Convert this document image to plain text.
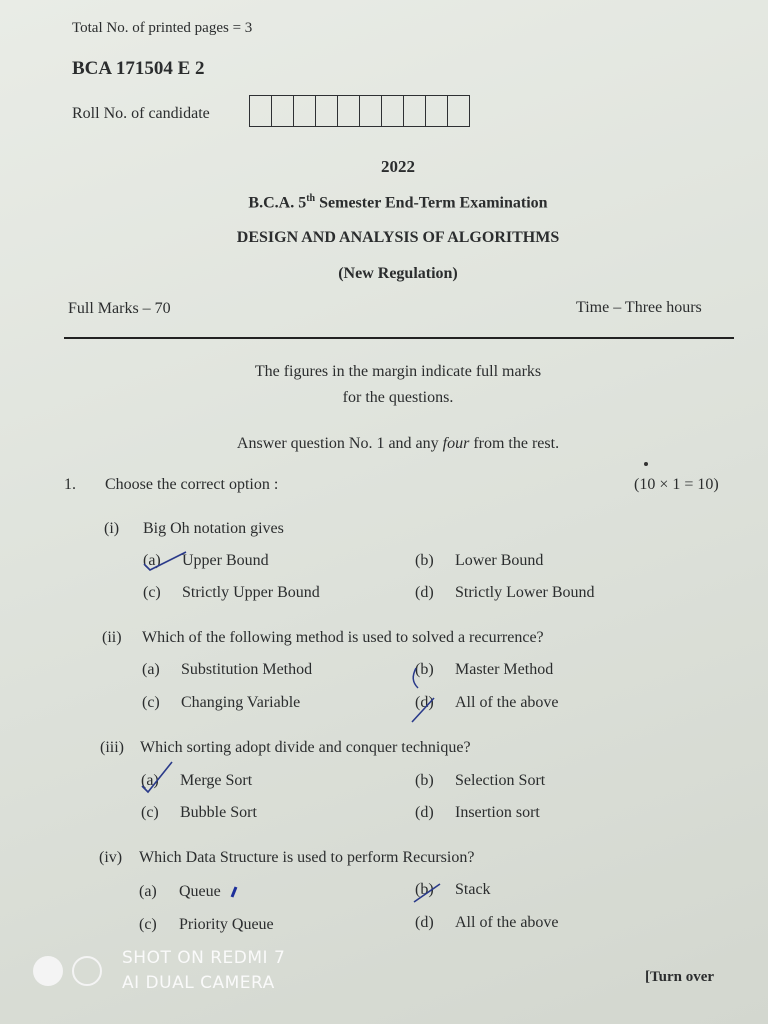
Total No. of printed pages = 3
BCA 171504 E 2
Roll No. of candidate
2022
B.C.A. 5th Semester End-Term Examination
DESIGN AND ANALYSIS OF ALGORITHMS
(New Regulation)
Full Marks – 70	Time – Three hours
The figures in the margin indicate full marks
for the questions.
Answer question No. 1 and any four from the rest.
1. Choose the correct option :	(10 × 1 = 10)
(i) Big Oh notation gives
(a) Upper Bound	(b) Lower Bound
(c) Strictly Upper Bound	(d) Strictly Lower Bound
(ii) Which of the following method is used to solved a recurrence?
(a) Substitution Method	(b) Master Method
(c) Changing Variable	(d) All of the above
(iii) Which sorting adopt divide and conquer technique?
(a) Merge Sort	(b) Selection Sort
(c) Bubble Sort	(d) Insertion sort
(iv) Which Data Structure is used to perform Recursion?
(a) Queue	(b) Stack
(c) Priority Queue	(d) All of the above
SHOT ON REDMI 7
AI DUAL CAMERA	[Turn over
